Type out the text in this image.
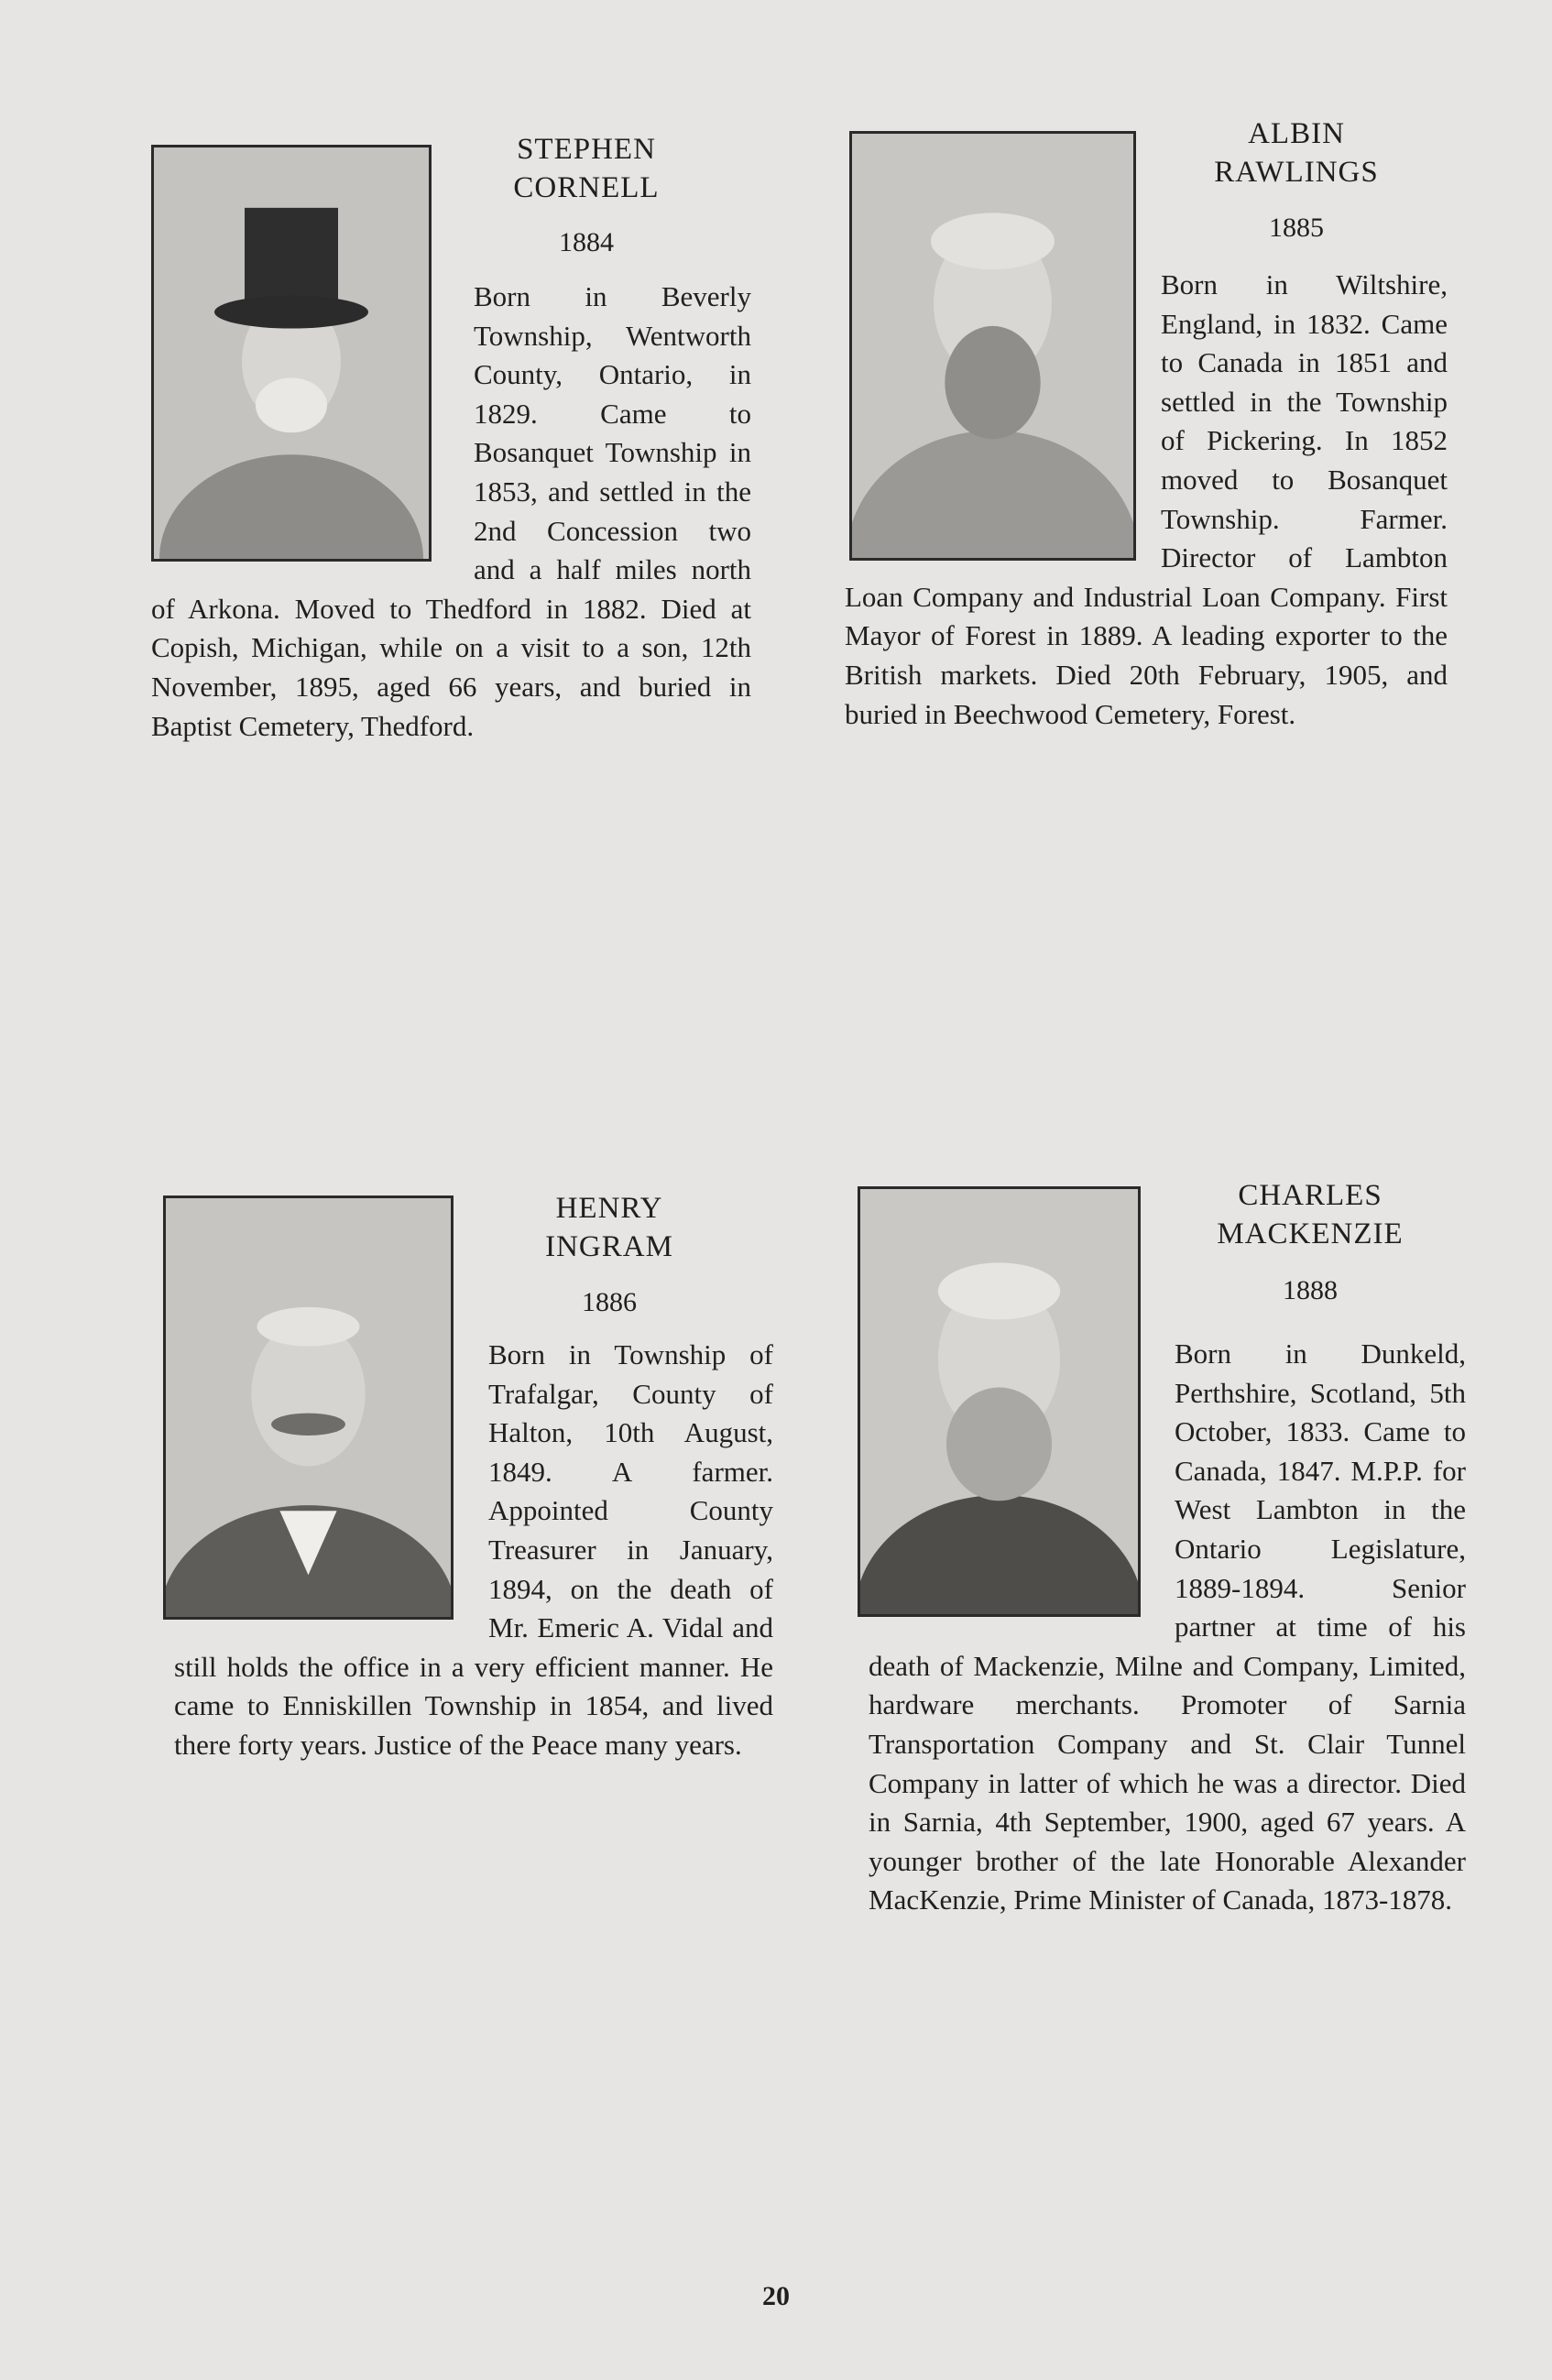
STEPHEN
CORNELL
1884

Born in Beverly Township, Wentworth County, Ontario, in 1829. Came to Bosanquet Township in 1853, and settled in the 2nd Concession two and a half miles north of Arkona. Moved to Thedford in 1882. Died at Copish, Michigan, while on a visit to a son, 12th November, 1895, aged 66 years, and buried in Baptist Cemetery, Thedford.

ALBIN
RAWLINGS
1885

Born in Wiltshire, England, in 1832. Came to Canada in 1851 and settled in the Township of Pickering. In 1852 moved to Bosanquet Township. Farmer. Director of Lambton Loan Company and Industrial Loan Company. First Mayor of Forest in 1889. A leading exporter to the British markets. Died 20th February, 1905, and buried in Beechwood Cemetery, Forest.

HENRY
INGRAM
1886

Born in Township of Trafalgar, County of Halton, 10th August, 1849. A farmer. Appointed County Treasurer in January, 1894, on the death of Mr. Emeric A. Vidal and still holds the office in a very efficient manner. He came to Enniskillen Township in 1854, and lived there forty years. Justice of the Peace many years.

CHARLES
MACKENZIE
1888

Born in Dunkeld, Perthshire, Scotland, 5th October, 1833. Came to Canada, 1847. M.P.P. for West Lambton in the Ontario Legislature, 1889-1894. Senior partner at time of his death of Mackenzie, Milne and Company, Limited, hardware merchants. Promoter of Sarnia Transportation Company and St. Clair Tunnel Company in latter of which he was a director. Died in Sarnia, 4th September, 1900, aged 67 years. A younger brother of the late Honorable Alexander MacKenzie, Prime Minister of Canada, 1873-1878.

20
